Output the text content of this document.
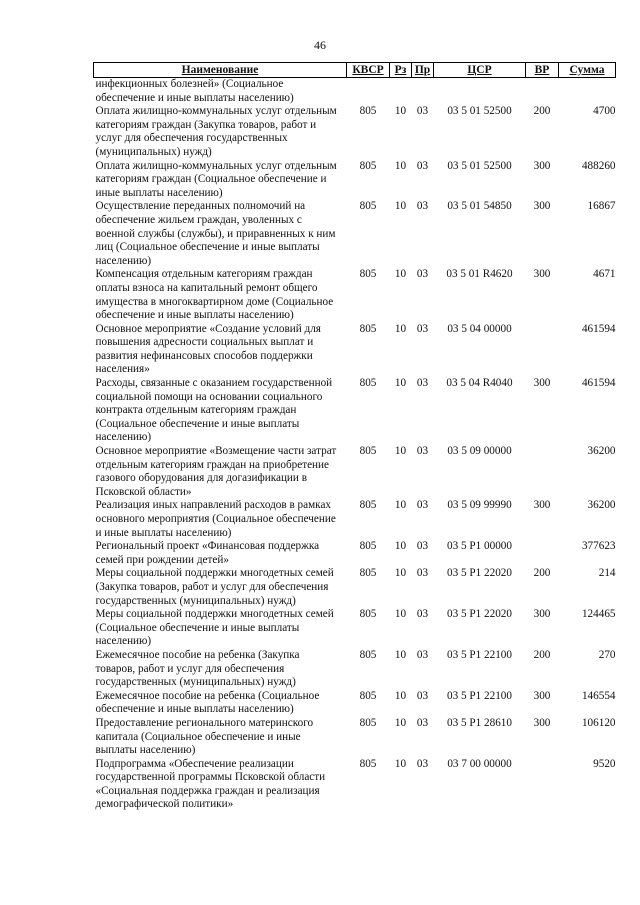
46
Наименование	КВСР	Рз	Пр	ЦСР	ВР	Сумма
инфекционных болезней» (Социальное обеспечение и иные выплаты населению)						
Оплата жилищно-коммунальных услуг отдельным категориям граждан (Закупка товаров, работ и услуг для обеспечения государственных (муниципальных) нужд)	805	10	03	03 5 01 52500	200	4700
Оплата жилищно-коммунальных услуг отдельным категориям граждан (Социальное обеспечение и иные выплаты населению)	805	10	03	03 5 01 52500	300	488260
Осуществление переданных полномочий на обеспечение жильем граждан, уволенных с военной службы (службы), и приравненных к ним лиц (Социальное обеспечение и иные выплаты населению)	805	10	03	03 5 01 54850	300	16867
Компенсация отдельным категориям граждан оплаты взноса на капитальный ремонт общего имущества в многоквартирном доме (Социальное обеспечение и иные выплаты населению)	805	10	03	03 5 01 R4620	300	4671
Основное мероприятие «Создание условий для повышения адресности социальных выплат и развития нефинансовых способов поддержки населения»	805	10	03	03 5 04 00000		461594
Расходы, связанные с оказанием государственной социальной помощи на основании социального контракта отдельным категориям граждан (Социальное обеспечение и иные выплаты населению)	805	10	03	03 5 04 R4040	300	461594
Основное мероприятие «Возмещение части затрат отдельным категориям граждан на приобретение газового оборудования для догазификации в Псковской области»	805	10	03	03 5 09 00000		36200
Реализация иных направлений расходов в рамках основного мероприятия (Социальное обеспечение и иные выплаты населению)	805	10	03	03 5 09 99990	300	36200
Региональный проект «Финансовая поддержка семей при рождении детей»	805	10	03	03 5 P1 00000		377623
Меры социальной поддержки многодетных семей (Закупка товаров, работ и услуг для обеспечения государственных (муниципальных) нужд)	805	10	03	03 5 P1 22020	200	214
Меры социальной поддержки многодетных семей (Социальное обеспечение и иные выплаты населению)	805	10	03	03 5 P1 22020	300	124465
Ежемесячное пособие на ребенка (Закупка товаров, работ и услуг для обеспечения государственных (муниципальных) нужд)	805	10	03	03 5 P1 22100	200	270
Ежемесячное пособие на ребенка (Социальное обеспечение и иные выплаты населению)	805	10	03	03 5 P1 22100	300	146554
Предоставление регионального материнского капитала (Социальное обеспечение и иные выплаты населению)	805	10	03	03 5 P1 28610	300	106120
Подпрограмма «Обеспечение реализации государственной программы Псковской области «Социальная поддержка граждан и реализация демографической политики»	805	10	03	03 7 00 00000		9520
